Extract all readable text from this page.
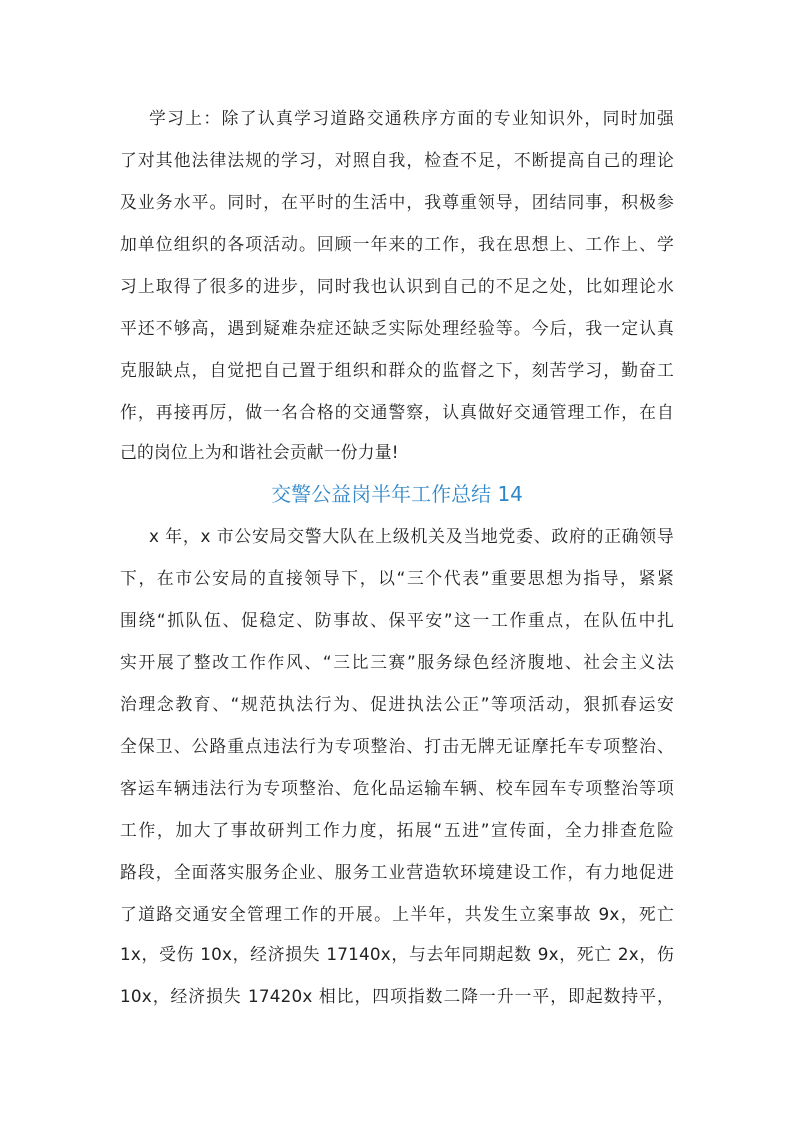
学习上：除了认真学习道路交通秩序方面的专业知识外，同时加强
了对其他法律法规的学习，对照自我，检查不足，不断提高自己的理论
及业务水平。同时，在平时的生活中，我尊重领导，团结同事，积极参
加单位组织的各项活动。回顾一年来的工作，我在思想上、工作上、学
习上取得了很多的进步，同时我也认识到自己的不足之处，比如理论水
平还不够高，遇到疑难杂症还缺乏实际处理经验等。今后，我一定认真
克服缺点，自觉把自己置于组织和群众的监督之下，刻苦学习，勤奋工
作，再接再厉，做一名合格的交通警察，认真做好交通管理工作，在自
己的岗位上为和谐社会贡献一份力量!
交警公益岗半年工作总结 14
x 年，x 市公安局交警大队在上级机关及当地党委、政府的正确领导
下，在市公安局的直接领导下，以“三个代表”重要思想为指导，紧紧
围绕“抓队伍、促稳定、防事故、保平安”这一工作重点，在队伍中扎
实开展了整改工作作风、“三比三赛”服务绿色经济腹地、社会主义法
治理念教育、“规范执法行为、促进执法公正”等项活动，狠抓春运安
全保卫、公路重点违法行为专项整治、打击无牌无证摩托车专项整治、
客运车辆违法行为专项整治、危化品运输车辆、校车园车专项整治等项
工作，加大了事故研判工作力度，拓展“五进”宣传面，全力排查危险
路段，全面落实服务企业、服务工业营造软环境建设工作，有力地促进
了道路交通安全管理工作的开展。上半年，共发生立案事故 9x，死亡
1x，受伤 10x，经济损失 17140x，与去年同期起数 9x，死亡 2x，伤
10x，经济损失 17420x 相比，四项指数二降一升一平，即起数持平，
